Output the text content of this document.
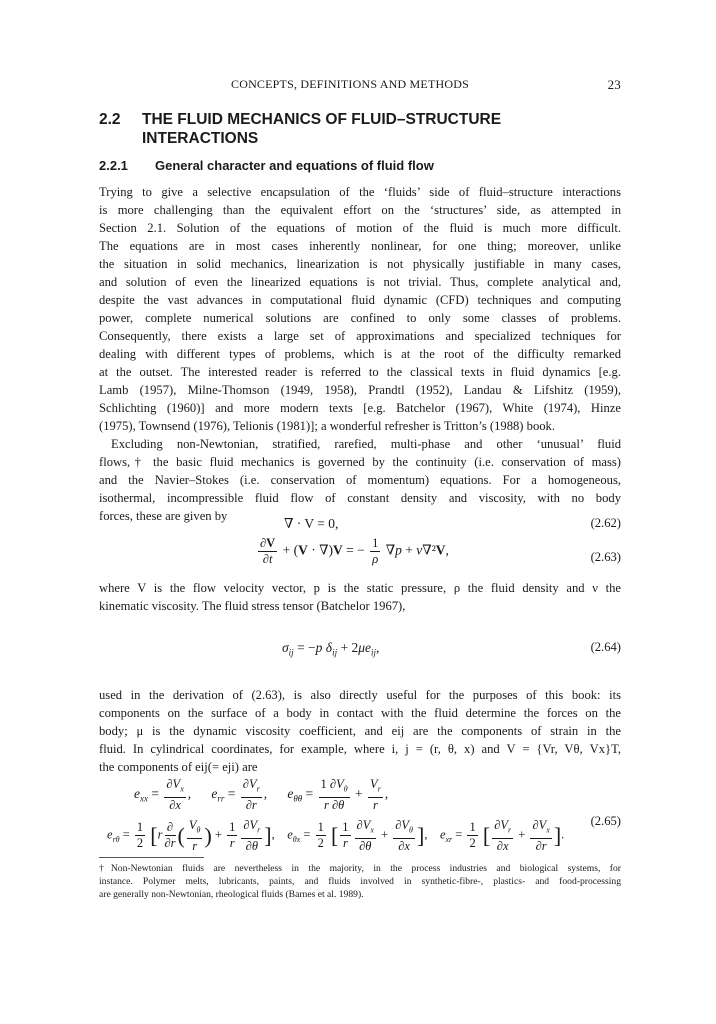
CONCEPTS, DEFINITIONS AND METHODS	23
2.2 THE FLUID MECHANICS OF FLUID–STRUCTURE
INTERACTIONS
2.2.1 General character and equations of fluid flow
Trying to give a selective encapsulation of the ‘fluids’ side of fluid–structure interactions
is more challenging than the equivalent effort on the ‘structures’ side, as attempted in
Section 2.1. Solution of the equations of motion of the fluid is much more difficult.
The equations are in most cases inherently nonlinear, for one thing; moreover, unlike
the situation in solid mechanics, linearization is not physically justifiable in many cases,
and solution of even the linearized equations is not trivial. Thus, complete analytical and,
despite the vast advances in computational fluid dynamic (CFD) techniques and computing
power, complete numerical solutions are confined to only some classes of problems.
Consequently, there exists a large set of approximations and specialized techniques for
dealing with different types of problems, which is at the root of the difficulty remarked
at the outset. The interested reader is referred to the classical texts in fluid dynamics [e.g.
Lamb (1957), Milne-Thomson (1949, 1958), Prandtl (1952), Landau & Lifshitz (1959),
Schlichting (1960)] and more modern texts [e.g. Batchelor (1967), White (1974), Hinze
(1975), Townsend (1976), Telionis (1981)]; a wonderful refresher is Tritton’s (1988) book.
Excluding non-Newtonian, stratified, rarefied, multi-phase and other ‘unusual’ fluid
flows,† the basic fluid mechanics is governed by the continuity (i.e. conservation of mass)
and the Navier–Stokes (i.e. conservation of momentum) equations. For a homogeneous,
isothermal, incompressible fluid flow of constant density and viscosity, with no body
forces, these are given by	∇ · V = 0,	(2.62)
$\frac{\partial V}{\partial t} + (V \cdot \nabla)V$ = − $\frac{1}{\rho} \nabla p + \nu\nabla^2V$,	(2.63)
where V is the flow velocity vector, p is the static pressure, ρ the fluid density and ν the
kinematic viscosity. The fluid stress tensor (Batchelor 1967),
$\sigma_{ij} = -p$ $\delta_{ij} + 2\mu e_{ij}$,	(2.64)
used in the derivation of (2.63), is also directly useful for the purposes of this book: its
components on the surface of a body in contact with the fluid determine the forces on the
body; μ is the dynamic viscosity coefficient, and eij are the components of strain in the
fluid. In cylindrical coordinates, for example, where i, j = (r, θ, x) and V = {Vr, Vθ, Vx}T,
the components of eij(= eji) are
$e_{xx} = \frac{\partial V_x}{\partial x}$ ,      $e_{rr} = \frac{\partial V_r}{\partial r}$ ,      $e_{\theta\theta} = \frac{1 \partial V_\theta}{r \partial\theta} + \frac{V_r}{r}$ ,
(2.65)
$e_{r\theta} = \frac{1}{2} [r \frac{\partial}{\partial r}$ ( $\frac{V_\theta}{r}$ ) + $\frac{1}{r} \frac{\partial V_r}{\partial\theta}$ ],    $e_{\theta x} = \frac{1}{2}$ [ $\frac{1}{r} \frac{\partial V_x}{\partial\theta} + \frac{\partial V_\theta}{\partial x}$ ],    $e_{xr} = \frac{1}{2}$ [ $\frac{\partial V_r}{\partial x} + \frac{\partial V_x}{\partial r}$ ].
†Non-Newtonian fluids are nevertheless in the majority, in the process industries and biological systems, for
instance. Polymer melts, lubricants, paints, and fluids involved in synthetic-fibre-, plastics- and food-processing
are generally non-Newtonian, rheological fluids (Barnes et al. 1989).
